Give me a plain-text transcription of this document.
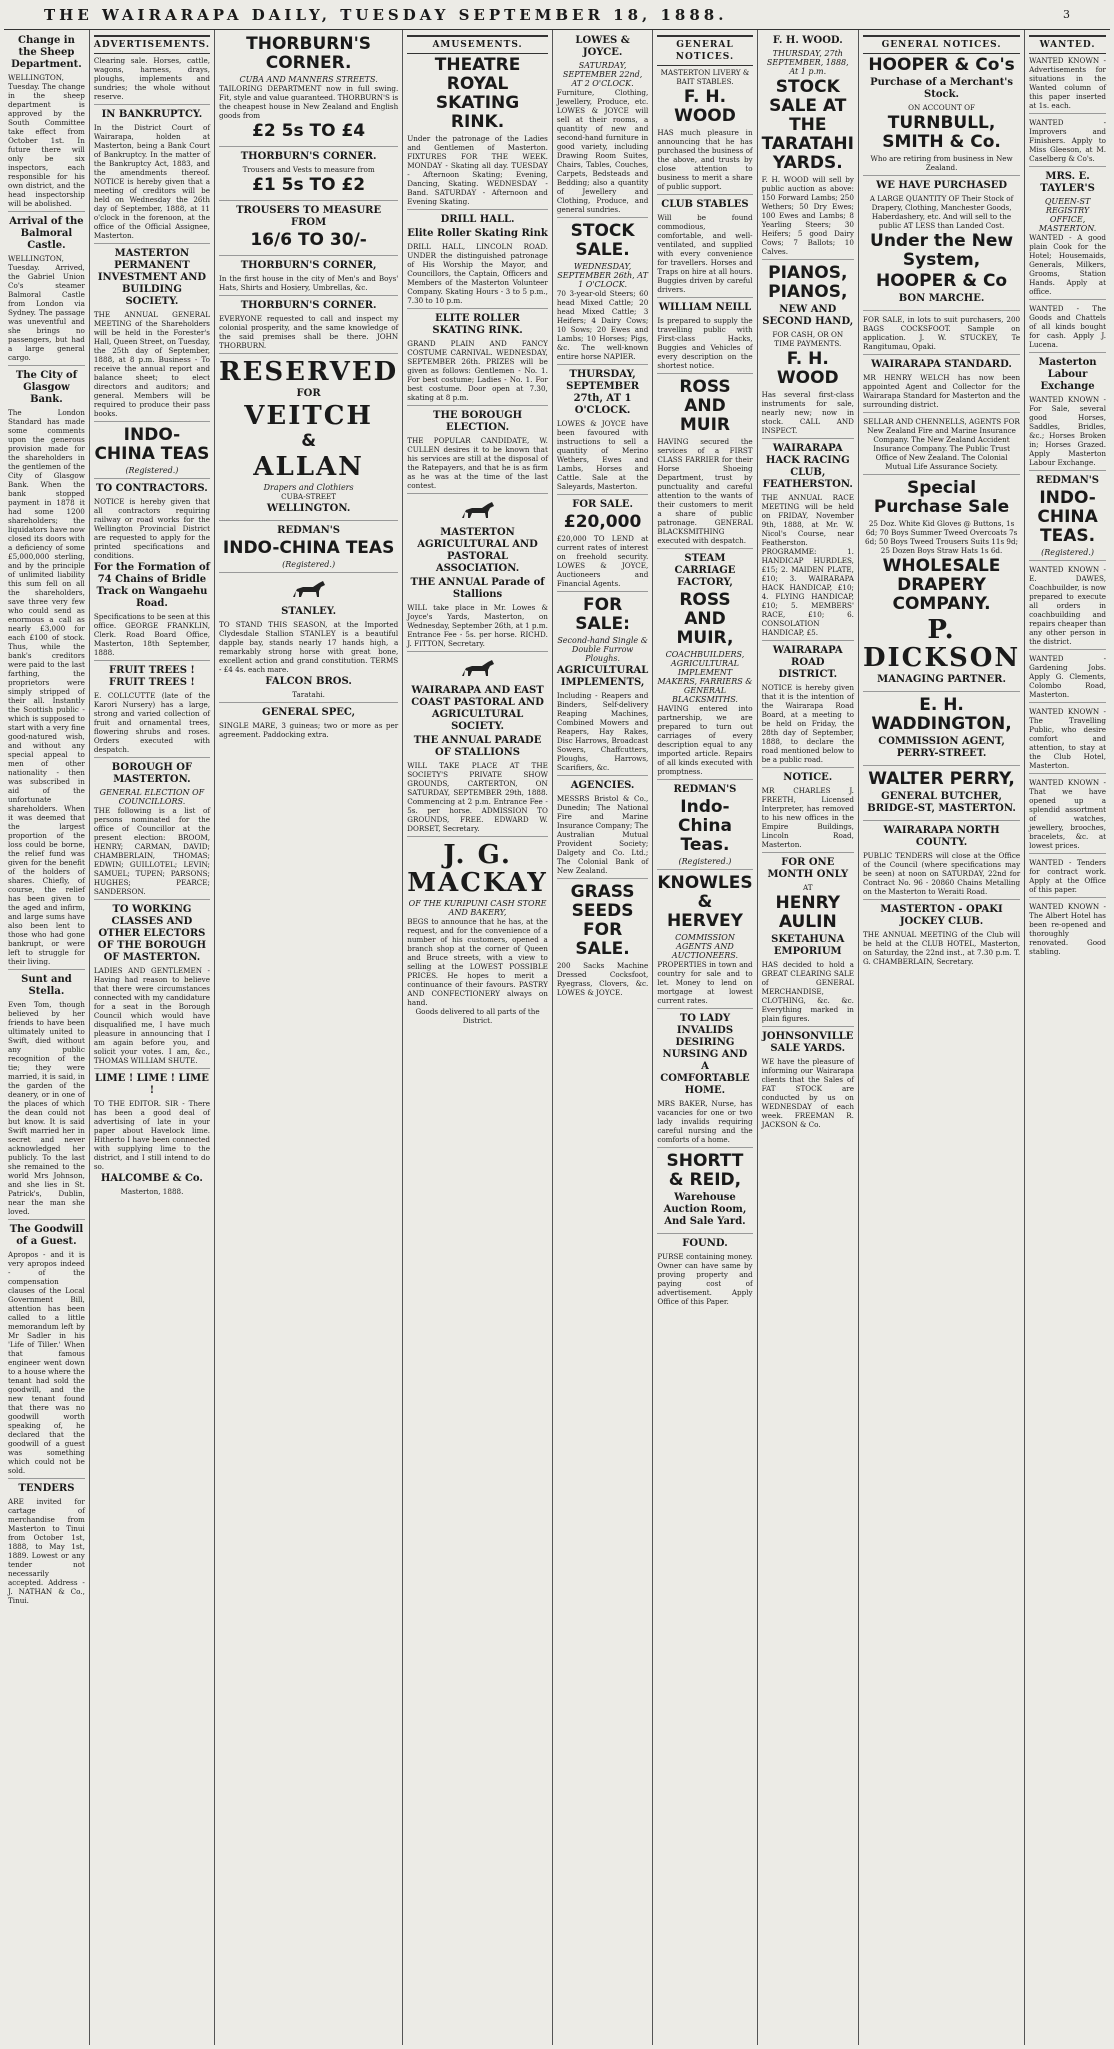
THE WAIRARAPA DAILY, TUESDAY SEPTEMBER 18, 1888.	3
Change in the Sheep Department.
WELLINGTON, Tuesday. The change in the sheep department is approved by the South Committee take effect from October 1st. In future there will only be six inspectors, each responsible for his own district, and the head inspectorship will be abolished.
Arrival of the Balmoral Castle.
WELLINGTON, Tuesday. Arrived, the Gabriel Union Co's steamer Balmoral Castle from London via Sydney. The passage was uneventful and she brings no passengers, but had a large general cargo.
The City of Glasgow Bank.
The London Standard has made some comments upon the generous provision made for the shareholders in the gentlemen of the City of Glasgow Bank. When the bank stopped payment in 1878 it had some 1200 shareholders; the liquidators have now closed its doors with a deficiency of some £5,000,000 sterling, and by the principle of unlimited liability this sum fell on all the shareholders, save three very few who could send as enormous a call as nearly £3,000 for each £100 of stock. Thus, while the bank's creditors were paid to the last farthing, the proprietors were simply stripped of their all. Instantly the Scottish public - which is supposed to start with a very fine good-natured wish, and without any special appeal to men of other nationality - then was subscribed in aid of the unfortunate shareholders. When it was deemed that the largest proportion of the loss could be borne, the relief fund was given for the benefit of the holders of shares. Chiefly, of course, the relief has been given to the aged and infirm, and large sums have also been lent to those who had gone bankrupt, or were left to struggle for their living.
Sunt and Stella.
Even Tom, though believed by her friends to have been ultimately united to Swift, died without any public recognition of the tie; they were married, it is said, in the garden of the deanery, or in one of the places of which the dean could not but know. It is said Swift married her in secret and never acknowledged her publicly. To the last she remained to the world Mrs Johnson, and she lies in St. Patrick's, Dublin, near the man she loved.
The Goodwill of a Guest.
Apropos - and it is very apropos indeed - of the compensation clauses of the Local Government Bill, attention has been called to a little memorandum left by Mr Sadler in his 'Life of Tiller.' When that famous engineer went down to a house where the tenant had sold the goodwill, and the new tenant found that there was no goodwill worth speaking of, he declared that the goodwill of a guest was something which could not be sold.
TENDERS
ARE invited for cartage of merchandise from Masterton to Tinui from October 1st, 1888, to May 1st, 1889. Lowest or any tender not necessarily accepted. Address - J. NATHAN & Co., Tinui.
ADVERTISEMENTS.
Clearing sale. Horses, cattle, wagons, harness, drays, ploughs, implements and sundries; the whole without reserve.
IN BANKRUPTCY.
In the District Court of Wairarapa, holden at Masterton, being a Bank Court of Bankruptcy. In the matter of the Bankruptcy Act, 1883, and the amendments thereof. NOTICE is hereby given that a meeting of creditors will be held on Wednesday the 26th day of September, 1888, at 11 o'clock in the forenoon, at the office of the Official Assignee, Masterton.
MASTERTON PERMANENT INVESTMENT AND BUILDING SOCIETY.
THE ANNUAL GENERAL MEETING of the Shareholders will be held in the Forester's Hall, Queen Street, on Tuesday, the 25th day of September, 1888, at 8 p.m. Business - To receive the annual report and balance sheet; to elect directors and auditors; and general. Members will be required to produce their pass books.
INDO-CHINA TEAS
(Registered.)
TO CONTRACTORS.
NOTICE is hereby given that all contractors requiring railway or road works for the Wellington Provincial District are requested to apply for the printed specifications and conditions.
For the Formation of 74 Chains of Bridle Track on Wangaehu Road.
Specifications to be seen at this office. GEORGE FRANKLIN, Clerk. Road Board Office, Masterton, 18th September, 1888.
FRUIT TREES ! FRUIT TREES !
E. COLLCUTTE (late of the Karori Nursery) has a large, strong and varied collection of fruit and ornamental trees, flowering shrubs and roses. Orders executed with despatch.
BOROUGH OF MASTERTON.
GENERAL ELECTION OF COUNCILLORS.
THE following is a list of persons nominated for the office of Councillor at the present election: BROOM, HENRY; CARMAN, DAVID; CHAMBERLAIN, THOMAS; EDWIN; GUILLOTEL; LEVIN; SAMUEL; TUPEN; PARSONS; HUGHES; PEARCE; SANDERSON.
TO WORKING CLASSES AND OTHER ELECTORS OF THE BOROUGH OF MASTERTON.
LADIES AND GENTLEMEN - Having had reason to believe that there were circumstances connected with my candidature for a seat in the Borough Council which would have disqualified me, I have much pleasure in announcing that I am again before you, and solicit your votes. I am, &c., THOMAS WILLIAM SHUTE.
LIME ! LIME ! LIME !
TO THE EDITOR. SIR - There has been a good deal of advertising of late in your paper about Havelock lime. Hitherto I have been connected with supplying lime to the district, and I still intend to do so.
HALCOMBE & Co.
Masterton, 1888.
THORBURN'S CORNER.
CUBA AND MANNERS STREETS.
TAILORING DEPARTMENT now in full swing. Fit, style and value guaranteed. THORBURN'S is the cheapest house in New Zealand and English goods from
£2 5s TO £4
THORBURN'S CORNER.
Trousers and Vests to measure from
£1 5s TO £2
TROUSERS TO MEASURE FROM
16/6 TO 30/-
THORBURN'S CORNER,
In the first house in the city of Men's and Boys' Hats, Shirts and Hosiery, Umbrellas, &c.
THORBURN'S CORNER.
EVERYONE requested to call and inspect my colonial prosperity, and the same knowledge of the said premises shall be there. JOHN THORBURN.
RESERVED
FOR
VEITCH
&
ALLAN
Drapers and Clothiers
CUBA-STREET
WELLINGTON.
REDMAN'S
INDO-CHINA TEAS
(Registered.)
STANLEY.
TO STAND THIS SEASON, at the Imported Clydesdale Stallion STANLEY is a beautiful dapple bay, stands nearly 17 hands high, a remarkably strong horse with great bone, excellent action and grand constitution. TERMS - £4 4s. each mare.
FALCON BROS.
Taratahi.
GENERAL SPEC,
SINGLE MARE, 3 guineas; two or more as per agreement. Paddocking extra.
AMUSEMENTS.
THEATRE ROYAL SKATING RINK.
Under the patronage of the Ladies and Gentlemen of Masterton. FIXTURES FOR THE WEEK. MONDAY - Skating all day. TUESDAY - Afternoon Skating; Evening, Dancing, Skating. WEDNESDAY - Band. SATURDAY - Afternoon and Evening Skating.
DRILL HALL.
Elite Roller Skating Rink
DRILL HALL, LINCOLN ROAD. UNDER the distinguished patronage of His Worship the Mayor, and Councillors, the Captain, Officers and Members of the Masterton Volunteer Company. Skating Hours - 3 to 5 p.m., 7.30 to 10 p.m.
ELITE ROLLER SKATING RINK.
GRAND PLAIN AND FANCY COSTUME CARNIVAL. WEDNESDAY, SEPTEMBER 26th. PRIZES will be given as follows: Gentlemen - No. 1. For best costume; Ladies - No. 1. For best costume. Door open at 7.30, skating at 8 p.m.
THE BOROUGH ELECTION.
THE POPULAR CANDIDATE, W. CULLEN desires it to be known that his services are still at the disposal of the Ratepayers, and that he is as firm as he was at the time of the last contest.
MASTERTON AGRICULTURAL AND PASTORAL ASSOCIATION.
THE ANNUAL Parade of Stallions
WILL take place in Mr. Lowes & Joyce's Yards, Masterton, on Wednesday, September 26th, at 1 p.m. Entrance Fee - 5s. per horse. RICHD. J. FITTON, Secretary.
WAIRARAPA AND EAST COAST PASTORAL AND AGRICULTURAL SOCIETY.
THE ANNUAL PARADE OF STALLIONS
WILL TAKE PLACE AT THE SOCIETY'S PRIVATE SHOW GROUNDS, CARTERTON, ON SATURDAY, SEPTEMBER 29th, 1888. Commencing at 2 p.m. Entrance Fee - 5s. per horse. ADMISSION TO GROUNDS, FREE. EDWARD W. DORSET, Secretary.
J. G. MACKAY
OF THE KURIPUNI CASH STORE AND BAKERY,
BEGS to announce that he has, at the request, and for the convenience of a number of his customers, opened a branch shop at the corner of Queen and Bruce streets, with a view to selling at the LOWEST POSSIBLE PRICES. He hopes to merit a continuance of their favours. PASTRY AND CONFECTIONERY always on hand.
Goods delivered to all parts of the District.
LOWES & JOYCE.
SATURDAY, SEPTEMBER 22nd, AT 2 O'CLOCK.
Furniture, Clothing, Jewellery, Produce, etc. LOWES & JOYCE will sell at their rooms, a quantity of new and second-hand furniture in good variety, including Drawing Room Suites, Chairs, Tables, Couches, Carpets, Bedsteads and Bedding; also a quantity of Jewellery and Clothing, Produce, and general sundries.
STOCK SALE.
WEDNESDAY, SEPTEMBER 26th, AT 1 O'CLOCK.
70 3-year-old Steers; 60 head Mixed Cattle; 20 head Mixed Cattle; 3 Heifers; 4 Dairy Cows; 10 Sows; 20 Ewes and Lambs; 10 Horses; Pigs, &c. The well-known entire horse NAPIER.
THURSDAY, SEPTEMBER 27th, AT 1 O'CLOCK.
LOWES & JOYCE have been favoured with instructions to sell a quantity of Merino Wethers, Ewes and Lambs, Horses and Cattle. Sale at the Saleyards, Masterton.
FOR SALE.
£20,000
£20,000 TO LEND at current rates of interest on freehold security. LOWES & JOYCE, Auctioneers and Financial Agents.
FOR SALE:
Second-hand Single & Double Furrow Ploughs.
AGRICULTURAL IMPLEMENTS,
Including - Reapers and Binders, Self-delivery Reaping Machines, Combined Mowers and Reapers, Hay Rakes, Disc Harrows, Broadcast Sowers, Chaffcutters, Ploughs, Harrows, Scarifiers, &c.
AGENCIES.
MESSRS Bristol & Co., Dunedin; The National Fire and Marine Insurance Company; The Australian Mutual Provident Society; Dalgety and Co. Ltd.; The Colonial Bank of New Zealand.
GRASS SEEDS FOR SALE.
200 Sacks Machine Dressed Cocksfoot, Ryegrass, Clovers, &c. LOWES & JOYCE.
GENERAL NOTICES.
MASTERTON LIVERY & BAIT STABLES.
F. H. WOOD
HAS much pleasure in announcing that he has purchased the business of the above, and trusts by close attention to business to merit a share of public support.
CLUB STABLES
Will be found commodious, comfortable, and well-ventilated, and supplied with every convenience for travellers. Horses and Traps on hire at all hours. Buggies driven by careful drivers.
WILLIAM NEILL
Is prepared to supply the travelling public with First-class Hacks, Buggies and Vehicles of every description on the shortest notice.
ROSS AND MUIR
HAVING secured the services of a FIRST CLASS FARRIER for their Horse Shoeing Department, trust by punctuality and careful attention to the wants of their customers to merit a share of public patronage. GENERAL BLACKSMITHING executed with despatch.
STEAM CARRIAGE FACTORY,
ROSS AND MUIR,
COACHBUILDERS, AGRICULTURAL IMPLEMENT MAKERS, FARRIERS & GENERAL BLACKSMITHS.
HAVING entered into partnership, we are prepared to turn out carriages of every description equal to any imported article. Repairs of all kinds executed with promptness.
REDMAN'S
Indo-China Teas.
(Registered.)
KNOWLES & HERVEY
COMMISSION AGENTS AND AUCTIONEERS.
PROPERTIES in town and country for sale and to let. Money to lend on mortgage at lowest current rates.
TO LADY INVALIDS DESIRING NURSING AND A COMFORTABLE HOME.
MRS BAKER, Nurse, has vacancies for one or two lady invalids requiring careful nursing and the comforts of a home.
SHORTT & REID,
Warehouse Auction Room, And Sale Yard.
FOUND.
PURSE containing money. Owner can have same by proving property and paying cost of advertisement. Apply Office of this Paper.
F. H. WOOD.
THURSDAY, 27th SEPTEMBER, 1888, At 1 p.m.
STOCK SALE AT THE TARATAHI YARDS.
F. H. WOOD will sell by public auction as above: 150 Forward Lambs; 250 Wethers; 50 Dry Ewes; 100 Ewes and Lambs; 8 Yearling Steers; 30 Heifers; 5 good Dairy Cows; 7 Ballots; 10 Calves.
PIANOS, PIANOS,
NEW AND SECOND HAND,
FOR CASH, OR ON TIME PAYMENTS.
F. H. WOOD
Has several first-class instruments for sale, nearly new; now in stock. CALL AND INSPECT.
WAIRARAPA HACK RACING CLUB, FEATHERSTON.
THE ANNUAL RACE MEETING will be held on FRIDAY, November 9th, 1888, at Mr. W. Nicol's Course, near Featherston. PROGRAMME: 1. HANDICAP HURDLES, £15; 2. MAIDEN PLATE, £10; 3. WAIRARAPA HACK HANDICAP, £10; 4. FLYING HANDICAP, £10; 5. MEMBERS' RACE, £10; 6. CONSOLATION HANDICAP, £5.
WAIRARAPA ROAD DISTRICT.
NOTICE is hereby given that it is the intention of the Wairarapa Road Board, at a meeting to be held on Friday, the 28th day of September, 1888, to declare the road mentioned below to be a public road.
NOTICE.
MR CHARLES J. FREETH, Licensed Interpreter, has removed to his new offices in the Empire Buildings, Lincoln Road, Masterton.
FOR ONE MONTH ONLY
AT
HENRY AULIN
SKETAHUNA EMPORIUM
HAS decided to hold a GREAT CLEARING SALE of GENERAL MERCHANDISE, CLOTHING, &c. &c. Everything marked in plain figures.
JOHNSONVILLE SALE YARDS.
WE have the pleasure of informing our Wairarapa clients that the Sales of FAT STOCK are conducted by us on WEDNESDAY of each week. FREEMAN R. JACKSON & Co.
GENERAL NOTICES.
HOOPER & Co's
Purchase of a Merchant's Stock.
ON ACCOUNT OF
TURNBULL, SMITH & Co.
Who are retiring from business in New Zealand.
WE HAVE PURCHASED
A LARGE QUANTITY OF Their Stock of Drapery, Clothing, Manchester Goods, Haberdashery, etc. And will sell to the public AT LESS than Landed Cost.
Under the New System,
HOOPER & Co
BON MARCHE.
FOR SALE, in lots to suit purchasers, 200 BAGS COCKSFOOT. Sample on application. J. W. STUCKEY, Te Rangitumau, Opaki.
WAIRARAPA STANDARD.
MR HENRY WELCH has now been appointed Agent and Collector for the Wairarapa Standard for Masterton and the surrounding district.
SELLAR AND CHENNELLS, AGENTS FOR New Zealand Fire and Marine Insurance Company. The New Zealand Accident Insurance Company. The Public Trust Office of New Zealand. The Colonial Mutual Life Assurance Society.
Special Purchase Sale
25 Doz. White Kid Gloves @ Buttons, 1s 6d; 70 Boys Summer Tweed Overcoats 7s 6d; 50 Boys Tweed Trousers Suits 11s 9d; 25 Dozen Boys Straw Hats 1s 6d.
WHOLESALE DRAPERY COMPANY.
P. DICKSON
MANAGING PARTNER.
E. H. WADDINGTON,
COMMISSION AGENT, PERRY-STREET.
WALTER PERRY,
GENERAL BUTCHER, BRIDGE-ST, MASTERTON.
WAIRARAPA NORTH COUNTY.
PUBLIC TENDERS will close at the Office of the Council (where specifications may be seen) at noon on SATURDAY, 22nd for Contract No. 96 - 20860 Chains Metalling on the Masterton to Weraiti Road.
MASTERTON - OPAKI JOCKEY CLUB.
THE ANNUAL MEETING of the Club will be held at the CLUB HOTEL, Masterton, on Saturday, the 22nd inst., at 7.30 p.m. T. G. CHAMBERLAIN, Secretary.
WANTED.
WANTED KNOWN - Advertisements for situations in the Wanted column of this paper inserted at 1s. each.
WANTED - Improvers and Finishers. Apply to Miss Gleeson, at M. Caselberg & Co's.
MRS. E. TAYLER'S
QUEEN-ST REGISTRY OFFICE, MASTERTON.
WANTED - A good plain Cook for the Hotel; Housemaids, Generals, Milkers, Grooms, Station Hands. Apply at office.
WANTED - The Goods and Chattels of all kinds bought for cash. Apply J. Lucena.
Masterton Labour Exchange
WANTED KNOWN - For Sale, several good Horses, Saddles, Bridles, &c.; Horses Broken in; Horses Grazed. Apply Masterton Labour Exchange.
REDMAN'S
INDO-CHINA TEAS.
(Registered.)
WANTED KNOWN - E. DAWES, Coachbuilder, is now prepared to execute all orders in coachbuilding and repairs cheaper than any other person in the district.
WANTED - Gardening Jobs. Apply G. Clements, Colombo Road, Masterton.
WANTED KNOWN - The Travelling Public, who desire comfort and attention, to stay at the Club Hotel, Masterton.
WANTED KNOWN - That we have opened up a splendid assortment of watches, jewellery, brooches, bracelets, &c. at lowest prices.
WANTED - Tenders for contract work. Apply at the Office of this paper.
WANTED KNOWN - The Albert Hotel has been re-opened and thoroughly renovated. Good stabling.
